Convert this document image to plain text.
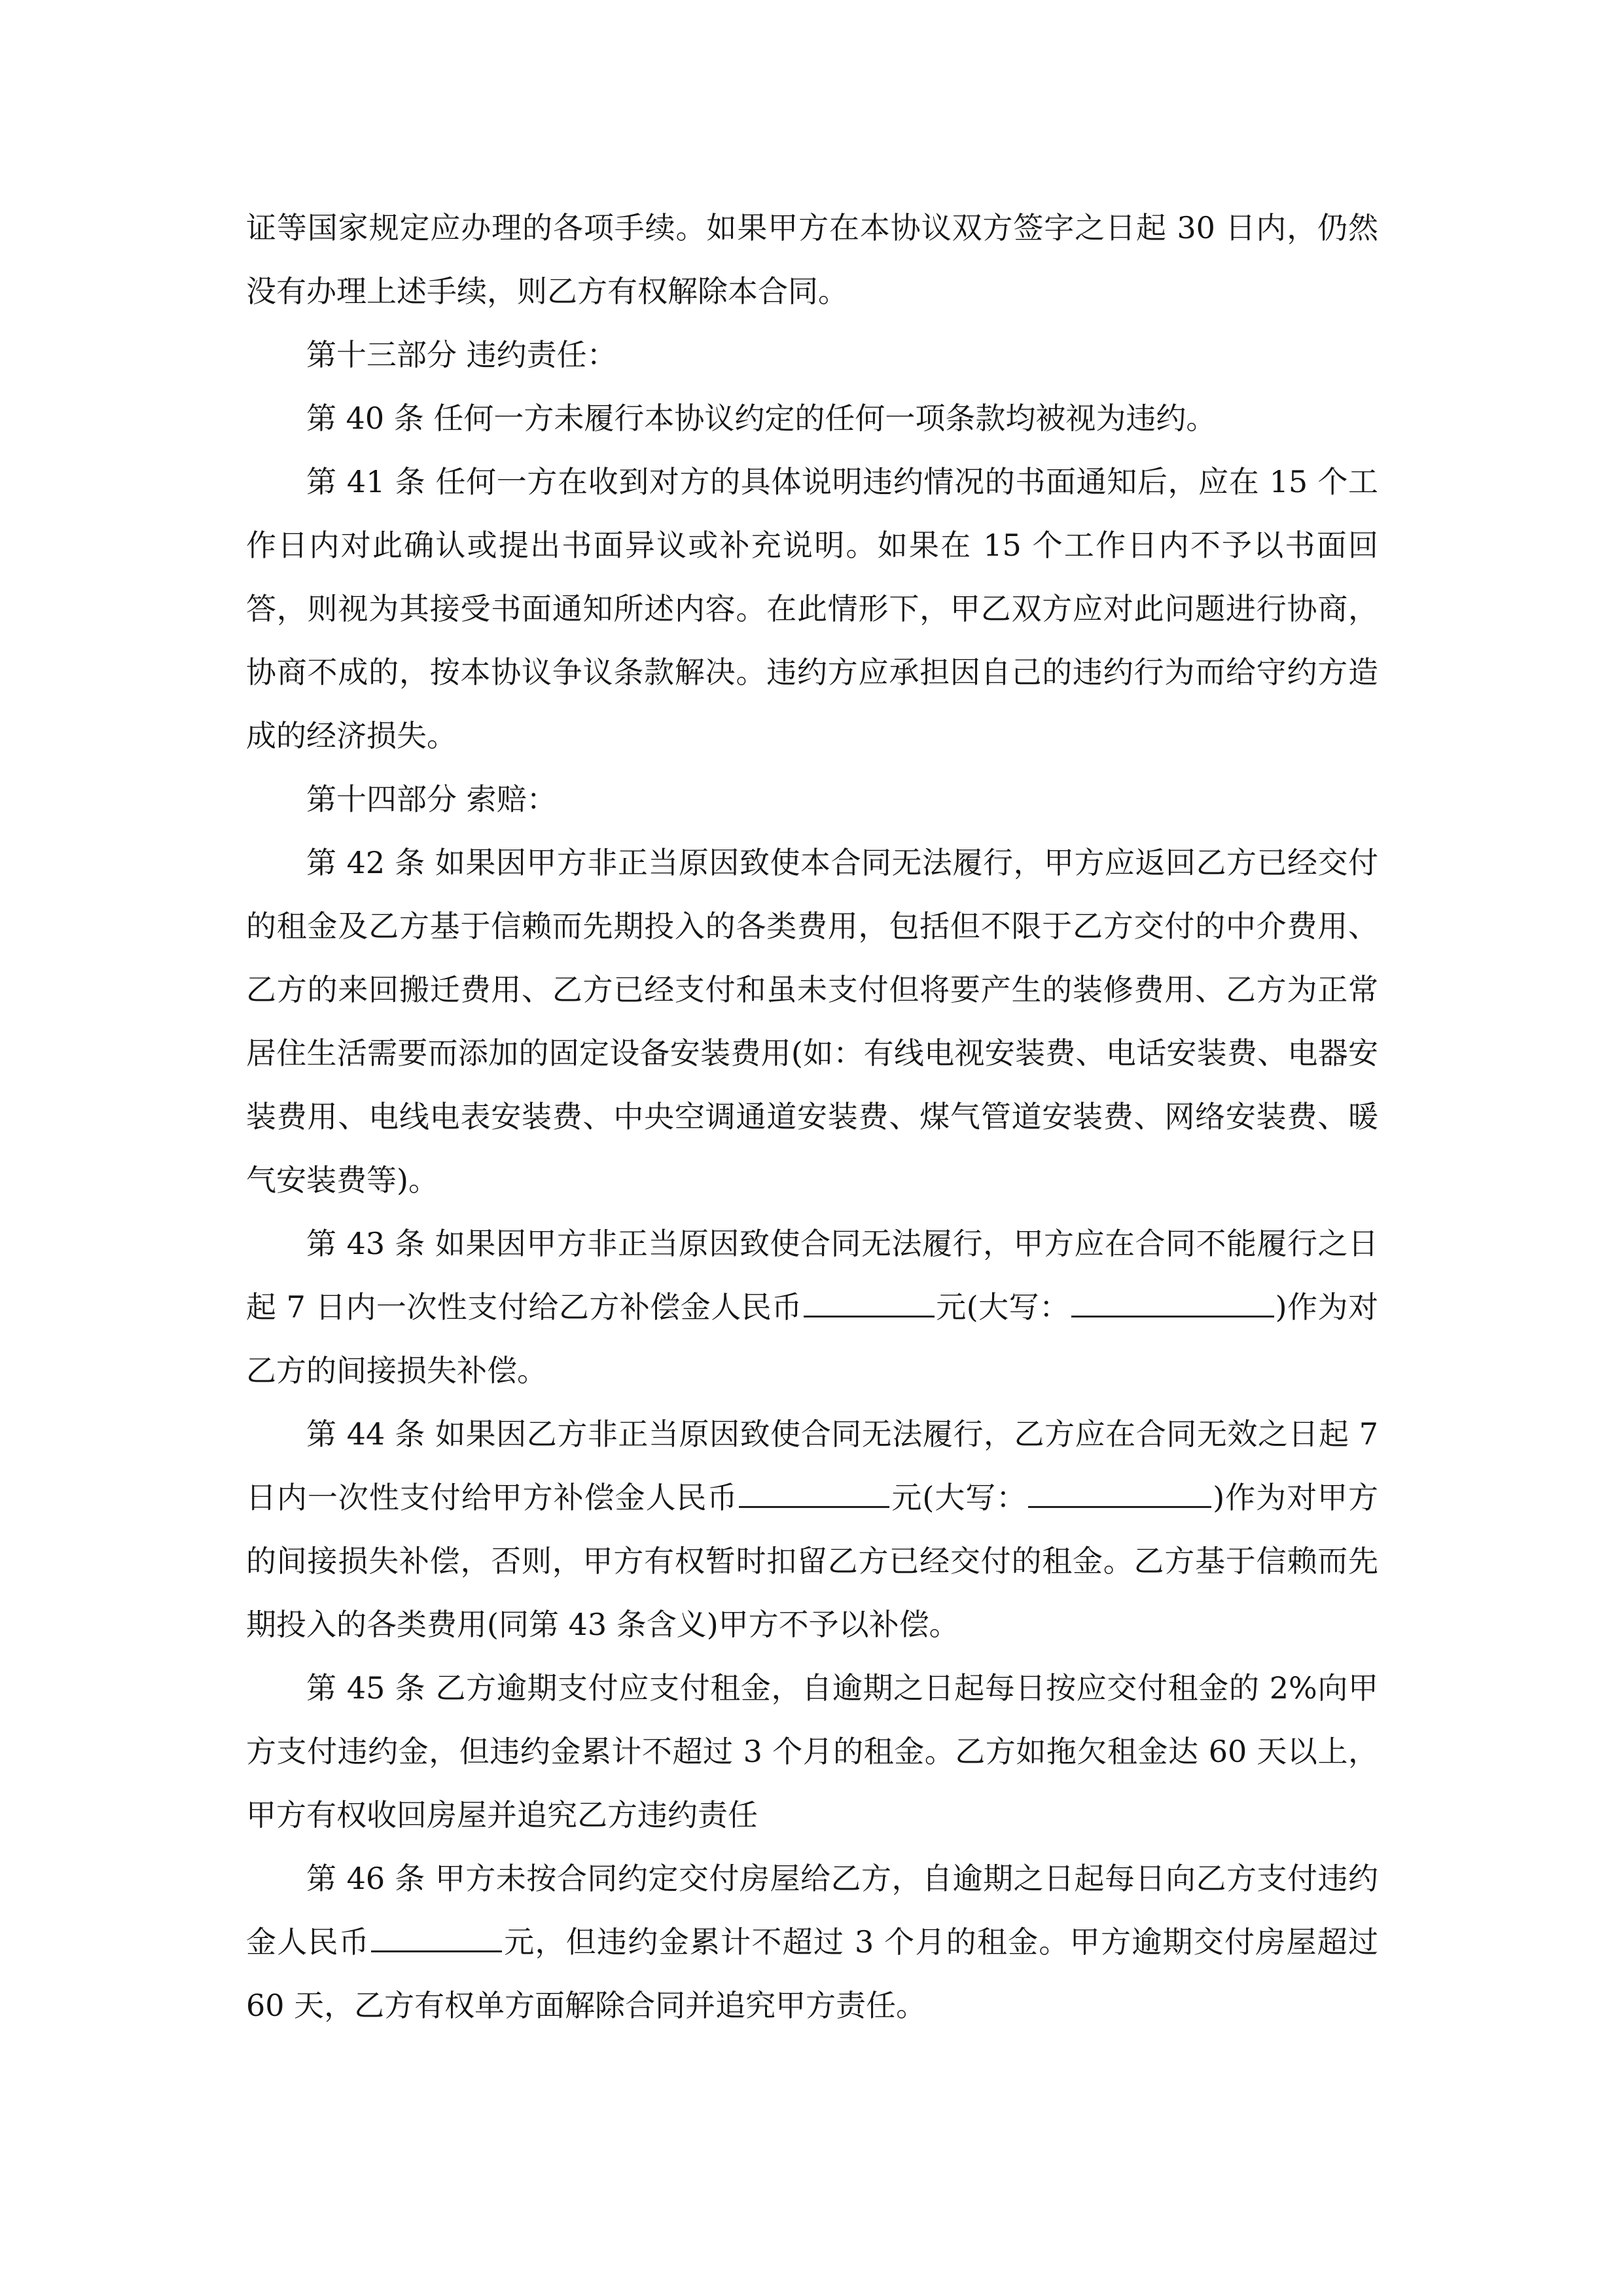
证等国家规定应办理的各项手续。如果甲方在本协议双方签字之日起 30 日内，仍然没有办理上述手续，则乙方有权解除本合同。

第十三部分 违约责任：

第 40 条 任何一方未履行本协议约定的任何一项条款均被视为违约。

第 41 条 任何一方在收到对方的具体说明违约情况的书面通知后，应在 15 个工作日内对此确认或提出书面异议或补充说明。如果在 15 个工作日内不予以书面回答，则视为其接受书面通知所述内容。在此情形下，甲乙双方应对此问题进行协商，协商不成的，按本协议争议条款解决。违约方应承担因自己的违约行为而给守约方造成的经济损失。

第十四部分 索赔：

第 42 条 如果因甲方非正当原因致使本合同无法履行，甲方应返回乙方已经交付的租金及乙方基于信赖而先期投入的各类费用，包括但不限于乙方交付的中介费用、乙方的来回搬迁费用、乙方已经支付和虽未支付但将要产生的装修费用、乙方为正常居住生活需要而添加的固定设备安装费用(如：有线电视安装费、电话安装费、电器安装费用、电线电表安装费、中央空调通道安装费、煤气管道安装费、网络安装费、暖气安装费等)。

第 43 条 如果因甲方非正当原因致使合同无法履行，甲方应在合同不能履行之日起 7 日内一次性支付给乙方补偿金人民币	元(大写：	)作为对乙方的间接损失补偿。

第 44 条 如果因乙方非正当原因致使合同无法履行，乙方应在合同无效之日起 7 日内一次性支付给甲方补偿金人民币	元(大写：	)作为对甲方的间接损失补偿，否则，甲方有权暂时扣留乙方已经交付的租金。乙方基于信赖而先期投入的各类费用(同第 43 条含义)甲方不予以补偿。

第 45 条 乙方逾期支付应支付租金，自逾期之日起每日按应交付租金的 2%向甲方支付违约金，但违约金累计不超过 3 个月的租金。乙方如拖欠租金达 60 天以上，甲方有权收回房屋并追究乙方违约责任

第 46 条 甲方未按合同约定交付房屋给乙方，自逾期之日起每日向乙方支付违约金人民币	元，但违约金累计不超过 3 个月的租金。甲方逾期交付房屋超过 60 天，乙方有权单方面解除合同并追究甲方责任。
